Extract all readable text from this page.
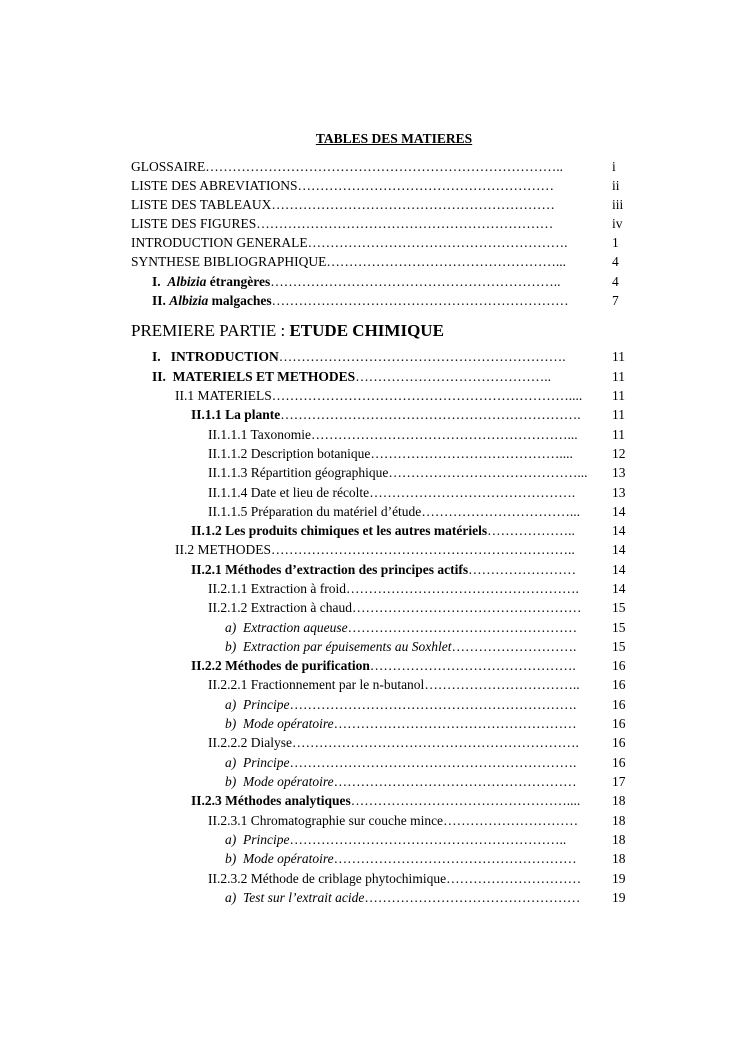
TABLES DES MATIERES
PREMIERE PARTIE : ETUDE CHIMIQUE
GLOSSAIRE……………………………………………………………………..	i
LISTE DES ABREVIATIONS…………………………………………………	ii
LISTE DES TABLEAUX………………………………………………………	iii
LISTE DES FIGURES…………………………………………………………	iv
INTRODUCTION GENERALE………………………………………………….	1
SYNTHESE BIBLIOGRAPHIQUE……………………………………………...	4
I. Albizia étrangères………………………………………………………..	4
II. Albizia malgaches…………………………………………………………	7
I. INTRODUCTION……………………………………………………….	11
II. MATERIELS ET METHODES……………………………………..	11
II.1 MATERIELS…………………………………………………………....	11
II.1.1 La plante………………………………………………………….	11
II.1.1.1 Taxonomie…………………………………………………...	11
II.1.1.2 Description botanique……………………………………....	12
II.1.1.3 Répartition géographique……………………………………...	13
II.1.1.4 Date et lieu de récolte……………………………………….	13
II.1.1.5 Préparation du matériel d’étude……………………………...	14
II.1.2 Les produits chimiques et les autres matériels………………..	14
II.2 METHODES…………………………………………………………..	14
II.2.1 Méthodes d’extraction des principes actifs……………………	14
II.2.1.1 Extraction à froid…………………………………………….	14
II.2.1.2 Extraction à chaud……………………………………………	15
a) Extraction aqueuse……………………………………………	15
b) Extraction par épuisements au Soxhlet……………………….	15
II.2.2 Méthodes de purification……………………………………….	16
II.2.2.1 Fractionnement par le n-butanol……………………………..	16
a) Principe……………………………………………………….	16
b) Mode opératoire………………………………………………	16
II.2.2.2 Dialyse……………………………………………………….	16
a) Principe……………………………………………………….	16
b) Mode opératoire………………………………………………	17
II.2.3 Méthodes analytiques…………………………………………....	18
II.2.3.1 Chromatographie sur couche mince…………………………	18
a) Principe……………………………………………………..	18
b) Mode opératoire………………………………………………	18
II.2.3.2 Méthode de criblage phytochimique…………………………	19
a) Test sur l’extrait acide…………………………………………	19
